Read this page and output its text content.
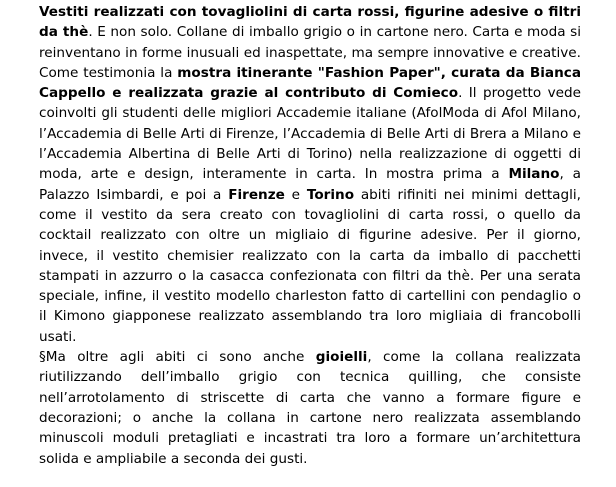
Vestiti realizzati con tovagliolini di carta rossi, figurine adesive o filtri da thè. E non solo. Collane di imballo grigio o in cartone nero. Carta e moda si reinventano in forme inusuali ed inaspettate, ma sempre innovative e creative. Come testimonia la mostra itinerante "Fashion Paper", curata da Bianca Cappello e realizzata grazie al contributo di Comieco. Il progetto vede coinvolti gli studenti delle migliori Accademie italiane (AfolModa di Afol Milano, l’Accademia di Belle Arti di Firenze, l’Accademia di Belle Arti di Brera a Milano e l’Accademia Albertina di Belle Arti di Torino) nella realizzazione di oggetti di moda, arte e design, interamente in carta. In mostra prima a Milano, a Palazzo Isimbardi, e poi a Firenze e Torino abiti rifiniti nei minimi dettagli, come il vestito da sera creato con tovagliolini di carta rossi, o quello da cocktail realizzato con oltre un migliaio di figurine adesive. Per il giorno, invece, il vestito chemisier realizzato con la carta da imballo di pacchetti stampati in azzurro o la casacca confezionata con filtri da thè. Per una serata speciale, infine, il vestito modello charleston fatto di cartellini con pendaglio o il Kimono giapponese realizzato assemblando tra loro migliaia di francobolli usati.

§Ma oltre agli abiti ci sono anche gioielli, come la collana realizzata riutilizzando dell’imballo grigio con tecnica quilling, che consiste nell’arrotolamento di striscette di carta che vanno a formare figure e decorazioni; o anche la collana in cartone nero realizzata assemblando minuscoli moduli pretagliati e incastrati tra loro a formare un’architettura solida e ampliabile a seconda dei gusti.
